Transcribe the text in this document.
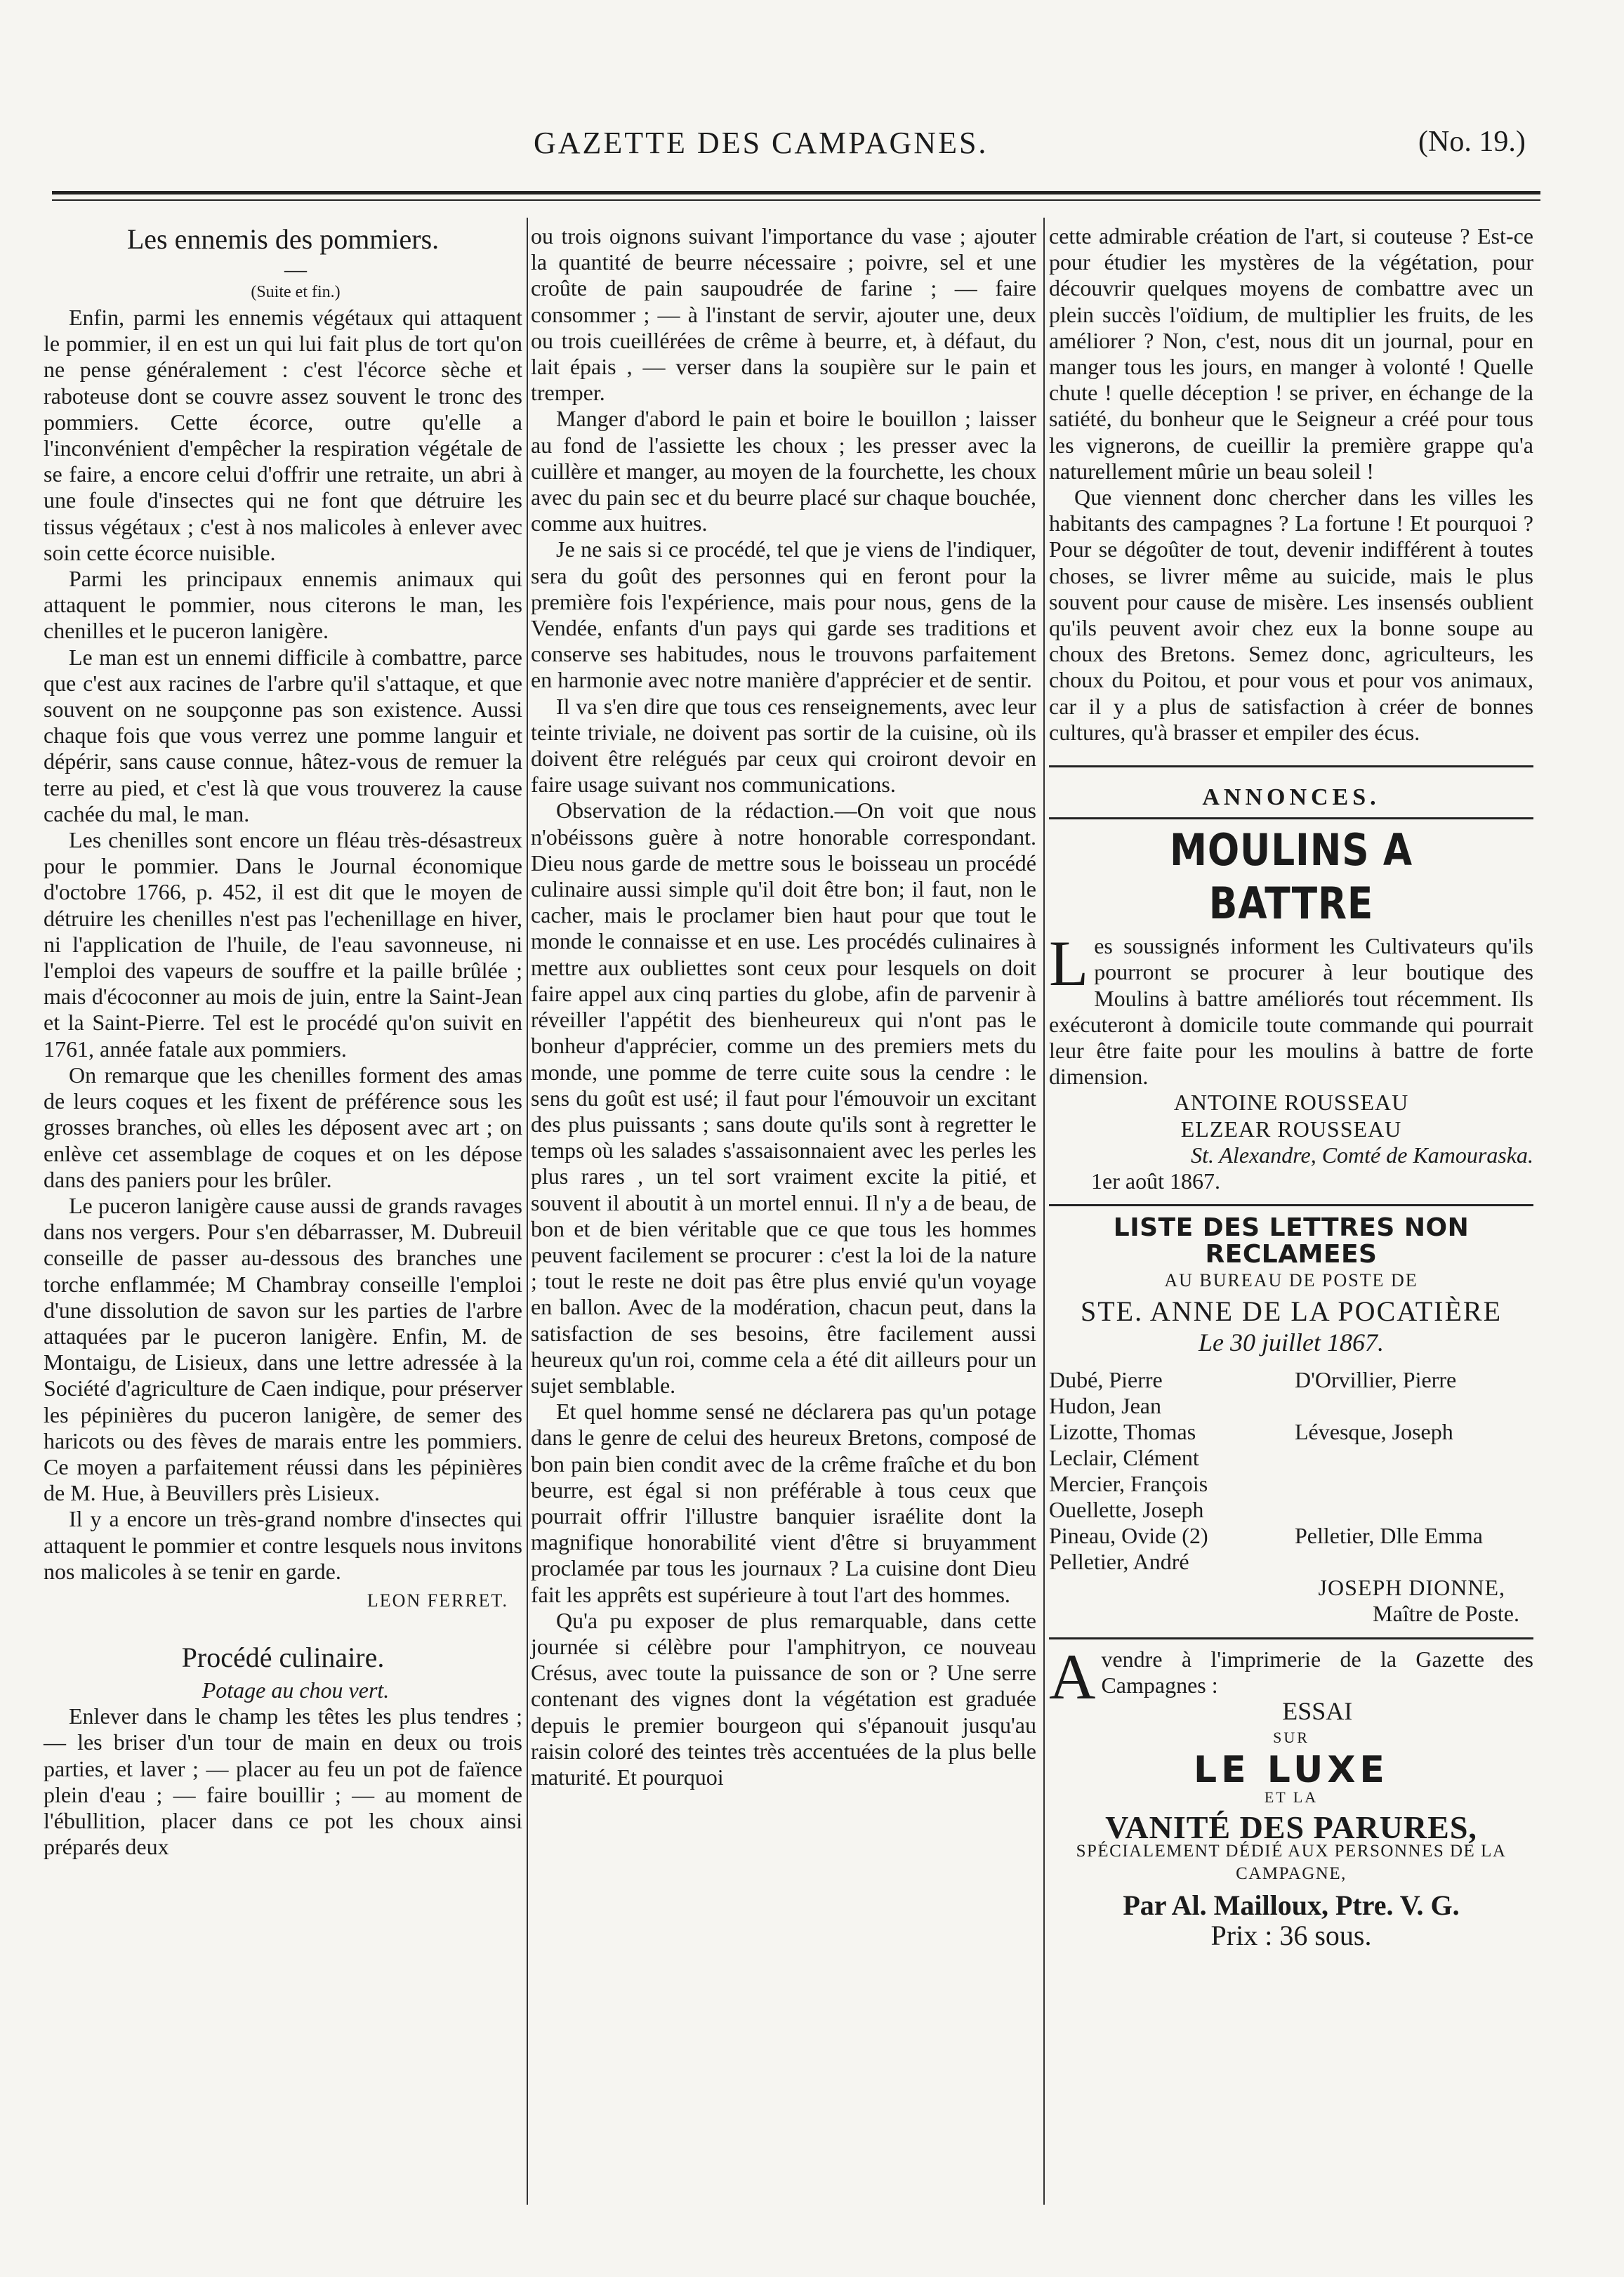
GAZETTE DES CAMPAGNES.	(No. 19.)
Les ennemis des pommiers.

—

(Suite et fin.)

Enfin, parmi les ennemis végétaux qui attaquent le pommier, il en est un qui lui fait plus de tort qu'on ne pense généralement : c'est l'écorce sèche et raboteuse dont se couvre assez souvent le tronc des pommiers. Cette écorce, outre qu'elle a l'inconvénient d'empêcher la respiration végétale de se faire, a encore celui d'offrir une retraite, un abri à une foule d'insectes qui ne font que détruire les tissus végétaux ; c'est à nos malicoles à enlever avec soin cette écorce nuisible.

Parmi les principaux ennemis animaux qui attaquent le pommier, nous citerons le man, les chenilles et le puceron lanigère.

Le man est un ennemi difficile à combattre, parce que c'est aux racines de l'arbre qu'il s'attaque, et que souvent on ne soupçonne pas son existence. Aussi chaque fois que vous verrez une pomme languir et dépérir, sans cause connue, hâtez-vous de remuer la terre au pied, et c'est là que vous trouverez la cause cachée du mal, le man.

Les chenilles sont encore un fléau très-désastreux pour le pommier. Dans le Journal économique d'octobre 1766, p. 452, il est dit que le moyen de détruire les chenilles n'est pas l'echenillage en hiver, ni l'application de l'huile, de l'eau savonneuse, ni l'emploi des vapeurs de souffre et la paille brûlée ; mais d'écoconner au mois de juin, entre la Saint-Jean et la Saint-Pierre. Tel est le procédé qu'on suivit en 1761, année fatale aux pommiers.

On remarque que les chenilles forment des amas de leurs coques et les fixent de préférence sous les grosses branches, où elles les déposent avec art ; on enlève cet assemblage de coques et on les dépose dans des paniers pour les brûler.

Le puceron lanigère cause aussi de grands ravages dans nos vergers. Pour s'en débarrasser, M. Dubreuil conseille de passer au-dessous des branches une torche enflammée; M Chambray conseille l'emploi d'une dissolution de savon sur les parties de l'arbre attaquées par le puceron lanigère. Enfin, M. de Montaigu, de Lisieux, dans une lettre adressée à la Société d'agriculture de Caen indique, pour préserver les pépinières du puceron lanigère, de semer des haricots ou des fèves de marais entre les pommiers. Ce moyen a parfaitement réussi dans les pépinières de M. Hue, à Beuvillers près Lisieux.

Il y a encore un très-grand nombre d'insectes qui attaquent le pommier et contre lesquels nous invitons nos malicoles à se tenir en garde.

LEON FERRET.
Procédé culinaire.

Potage au chou vert.

Enlever dans le champ les têtes les plus tendres ; — les briser d'un tour de main en deux ou trois parties, et laver ; — placer au feu un pot de faïence plein d'eau ; — faire bouillir ; — au moment de l'ébullition, placer dans ce pot les choux ainsi préparés deux

ou trois oignons suivant l'importance du vase ; ajouter la quantité de beurre nécessaire ; poivre, sel et une croûte de pain saupoudrée de farine ; — faire consommer ; — à l'instant de servir, ajouter une, deux ou trois cueillérées de crême à beurre, et, à défaut, du lait épais , — verser dans la soupière sur le pain et tremper.

Manger d'abord le pain et boire le bouillon ; laisser au fond de l'assiette les choux ; les presser avec la cuillère et manger, au moyen de la fourchette, les choux avec du pain sec et du beurre placé sur chaque bouchée, comme aux huitres.

Je ne sais si ce procédé, tel que je viens de l'indiquer, sera du goût des personnes qui en feront pour la première fois l'expérience, mais pour nous, gens de la Vendée, enfants d'un pays qui garde ses traditions et conserve ses habitudes, nous le trouvons parfaitement en harmonie avec notre manière d'apprécier et de sentir.

Il va s'en dire que tous ces renseignements, avec leur teinte triviale, ne doivent pas sortir de la cuisine, où ils doivent être relégués par ceux qui croiront devoir en faire usage suivant nos communications.

Observation de la rédaction.—On voit que nous n'obéissons guère à notre honorable correspondant. Dieu nous garde de mettre sous le boisseau un procédé culinaire aussi simple qu'il doit être bon; il faut, non le cacher, mais le proclamer bien haut pour que tout le monde le connaisse et en use. Les procédés culinaires à mettre aux oubliettes sont ceux pour lesquels on doit faire appel aux cinq parties du globe, afin de parvenir à réveiller l'appétit des bienheureux qui n'ont pas le bonheur d'apprécier, comme un des premiers mets du monde, une pomme de terre cuite sous la cendre : le sens du goût est usé; il faut pour l'émouvoir un excitant des plus puissants ; sans doute qu'ils sont à regretter le temps où les salades s'assaisonnaient avec les perles les plus rares , un tel sort vraiment excite la pitié, et souvent il aboutit à un mortel ennui. Il n'y a de beau, de bon et de bien véritable que ce que tous les hommes peuvent facilement se procurer : c'est la loi de la nature ; tout le reste ne doit pas être plus envié qu'un voyage en ballon. Avec de la modération, chacun peut, dans la satisfaction de ses besoins, être facilement aussi heureux qu'un roi, comme cela a été dit ailleurs pour un sujet semblable.

Et quel homme sensé ne déclarera pas qu'un potage dans le genre de celui des heureux Bretons, composé de bon pain bien condit avec de la crême fraîche et du bon beurre, est égal si non préférable à tous ceux que pourrait offrir l'illustre banquier israélite dont la magnifique honorabilité vient d'être si bruyamment proclamée par tous les journaux ? La cuisine dont Dieu fait les apprêts est supérieure à tout l'art des hommes.

Qu'a pu exposer de plus remarquable, dans cette journée si célèbre pour l'amphitryon, ce nouveau Crésus, avec toute la puissance de son or ? Une serre contenant des vignes dont la végétation est graduée depuis le premier bourgeon qui s'épanouit jusqu'au raisin coloré des teintes très accentuées de la plus belle maturité. Et pourquoi

cette admirable création de l'art, si couteuse ? Est-ce pour étudier les mystères de la végétation, pour découvrir quelques moyens de combattre avec un plein succès l'oïdium, de multiplier les fruits, de les améliorer ? Non, c'est, nous dit un journal, pour en manger tous les jours, en manger à volonté ! Quelle chute ! quelle déception ! se priver, en échange de la satiété, du bonheur que le Seigneur a créé pour tous les vignerons, de cueillir la première grappe qu'a naturellement mûrie un beau soleil !

Que viennent donc chercher dans les villes les habitants des campagnes ? La fortune ! Et pourquoi ? Pour se dégoûter de tout, devenir indifférent à toutes choses, se livrer même au suicide, mais le plus souvent pour cause de misère. Les insensés oublient qu'ils peuvent avoir chez eux la bonne soupe au choux des Bretons. Semez donc, agriculteurs, les choux du Poitou, et pour vous et pour vos animaux, car il y a plus de satisfaction à créer de bonnes cultures, qu'à brasser et empiler des écus.

ANNONCES.
MOULINS A BATTRE

Les soussignés informent les Cultivateurs qu'ils pourront se procurer à leur boutique des Moulins à battre améliorés tout récemment. Ils exécuteront à domicile toute commande qui pourrait leur être faite pour les moulins à battre de forte dimension.

ANTOINE ROUSSEAU

ELZEAR ROUSSEAU

St. Alexandre, Comté de Kamouraska.

1er août 1867.

LISTE DES LETTRES NON RECLAMEES
AU BUREAU DE POSTE DE
STE. ANNE DE LA POCATIÈRE

Le 30 juillet 1867.

Dubé, Pierre	D'Orvillier, Pierre
Hudon, Jean
Lizotte, Thomas	Lévesque, Joseph
Leclair, Clément
Mercier, François
Ouellette, Joseph
Pineau, Ovide (2)	Pelletier, Dlle Emma
Pelletier, André

JOSEPH DIONNE,

Maître de Poste.

Avendre à l'imprimerie de la Gazette des Campagnes :

ESSAI

SUR

LE LUXE

ET LA

VANITÉ DES PARURES,

SPÉCIALEMENT DÉDIÉ AUX PERSONNES DE LA CAMPAGNE,

Par Al. Mailloux, Ptre. V. G.
Prix : 36 sous.
